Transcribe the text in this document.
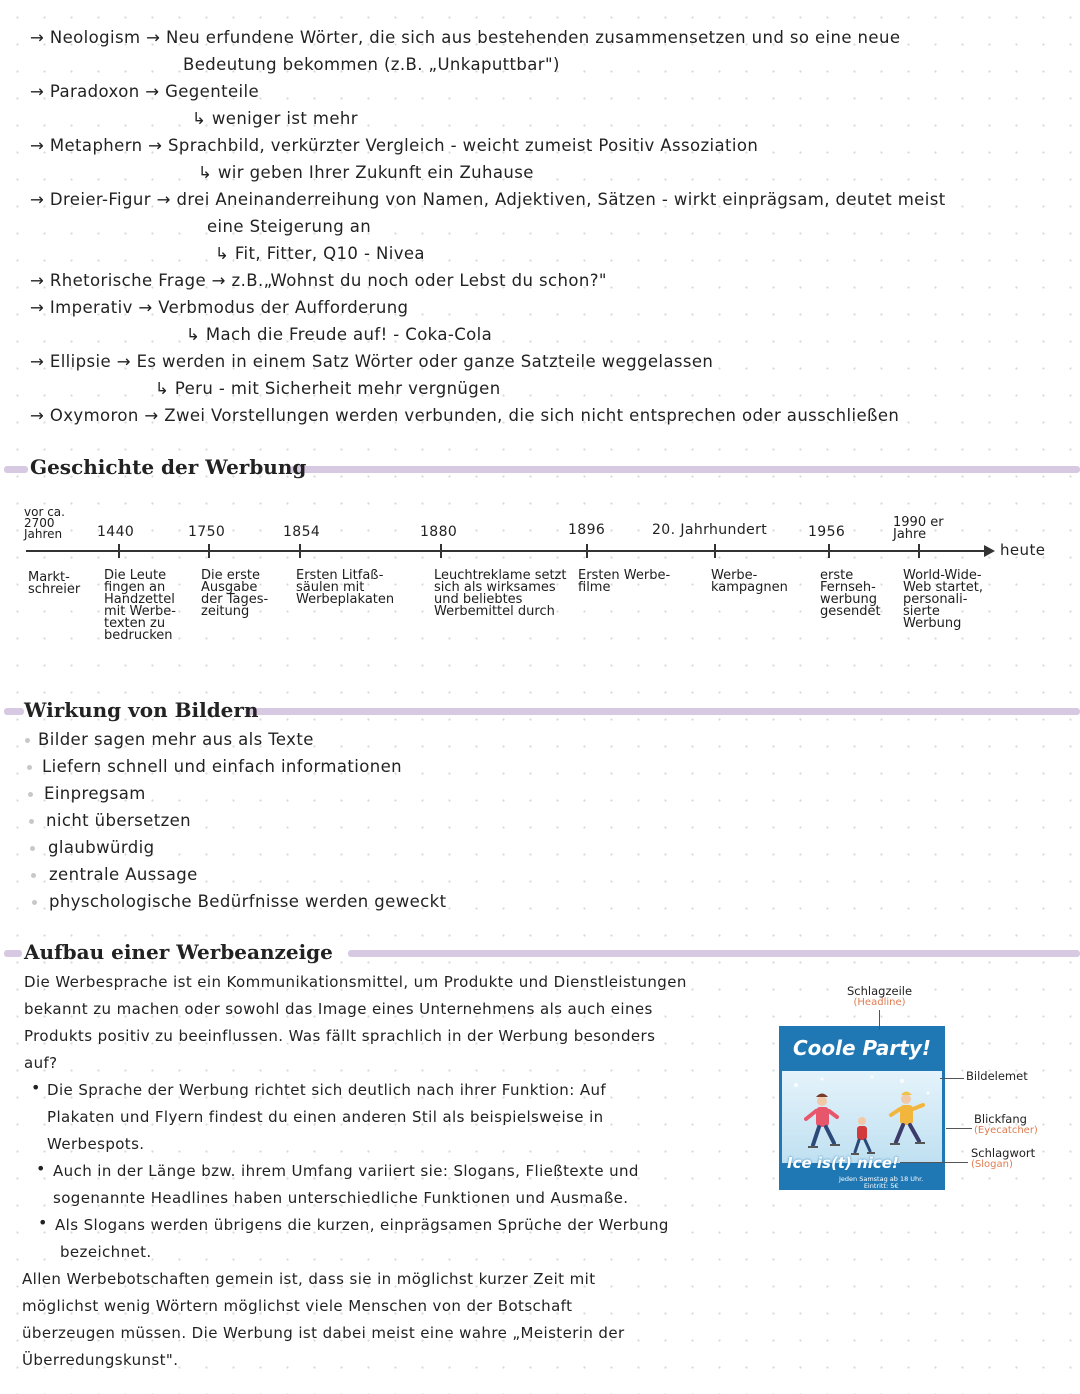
→ Neologism → Neu erfundene Wörter, die sich aus bestehenden zusammensetzen und so eine neue
Bedeutung bekommen (z.B. „Unkaputtbar")
→ Paradoxon → Gegenteile
↳ weniger ist mehr
→ Metaphern → Sprachbild, verkürzter Vergleich - weicht zumeist Positiv Assoziation
↳ wir geben Ihrer Zukunft ein Zuhause
→ Dreier-Figur → drei Aneinanderreihung von Namen, Adjektiven, Sätzen - wirkt einprägsam, deutet meist
eine Steigerung an
↳ Fit, Fitter, Q10 - Nivea
→ Rhetorische Frage → z.B.„Wohnst du noch oder Lebst du schon?"
→ Imperativ → Verbmodus der Aufforderung
↳ Mach die Freude auf! - Coka-Cola
→ Ellipsie → Es werden in einem Satz Wörter oder ganze Satzteile weggelassen
↳ Peru - mit Sicherheit mehr vergnügen
→ Oxymoron → Zwei Vorstellungen werden verbunden, die sich nicht entsprechen oder ausschließen
Geschichte der Werbung
heute
vor ca. 2700 Jahren	1440	1750	1854	1880	1896	20. Jahrhundert	1956
1990 er Jahre
Markt-schreier
Die Leute fingen an Handzettel mit Werbe-texten zu bedrucken
Die erste Ausgabe der Tages-zeitung
Ersten Litfaß-säulen mit Werbeplakaten
Leuchtreklame setzt sich als wirksames und beliebtes Werbemittel durch
Ersten Werbe-filme
Werbe-kampagnen
erste Fernseh-werbung gesendet
World-Wide-Web startet, personali-sierte Werbung
Wirkung von Bildern
Bilder sagen mehr aus als Texte
Liefern schnell und einfach informationen
Einpregsam
nicht übersetzen
glaubwürdig
zentrale Aussage
physchologische Bedürfnisse werden geweckt
Aufbau einer Werbeanzeige
Die Werbesprache ist ein Kommunikationsmittel, um Produkte und Dienstleistungen
bekannt zu machen oder sowohl das Image eines Unternehmens als auch eines
Produkts positiv zu beeinflussen. Was fällt sprachlich in der Werbung besonders
auf?
• Die Sprache der Werbung richtet sich deutlich nach ihrer Funktion: Auf
Plakaten und Flyern findest du einen anderen Stil als beispielsweise in
Werbespots.
• Auch in der Länge bzw. ihrem Umfang variiert sie: Slogans, Fließtexte und
sogenannte Headlines haben unterschiedliche Funktionen und Ausmaße.
• Als Slogans werden übrigens die kurzen, einprägsamen Sprüche der Werbung
bezeichnet.
Allen Werbebotschaften gemein ist, dass sie in möglichst kurzer Zeit mit
möglichst wenig Wörtern möglichst viele Menschen von der Botschaft
überzeugen müssen. Die Werbung ist dabei meist eine wahre „Meisterin der
Überredungskunst".
Coole Party!
Ice is(t) nice!
Jeden Samstag ab 18 Uhr.
Eintritt: 5€
Schlagzeile
(Headline)
Bildelemet
Blickfang
(Eyecatcher)
Schlagwort
(Slogan)
